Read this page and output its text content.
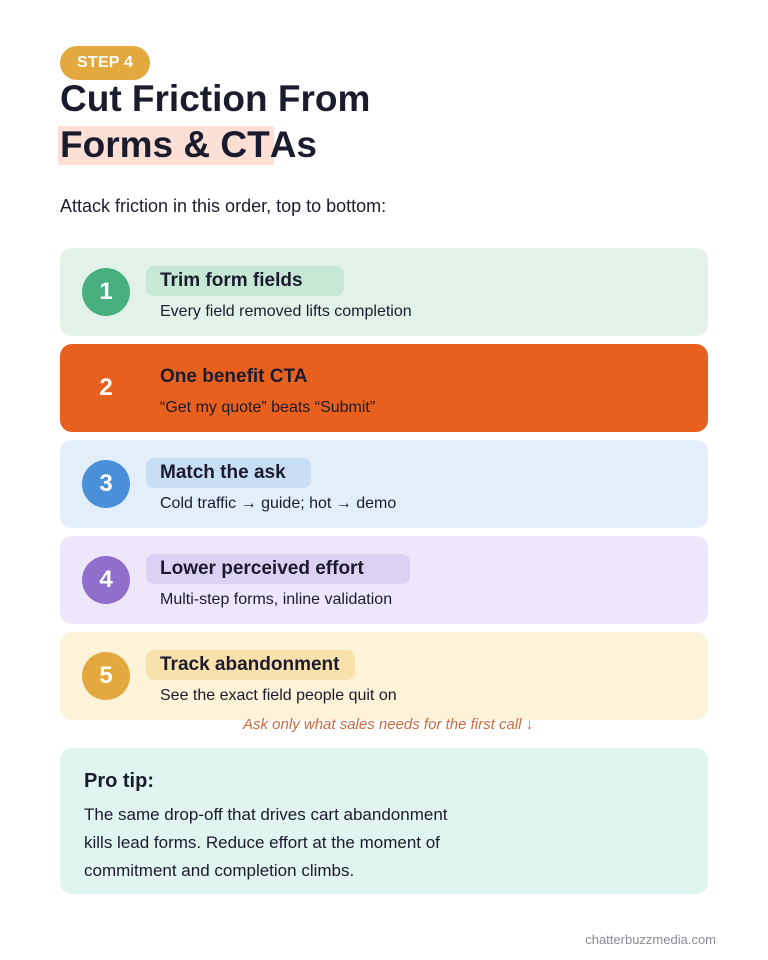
STEP 4
Cut Friction From
Forms & CTAs
Attack friction in this order, top to bottom:
1	Trim form fields
Every field removed lifts completion
2	One benefit CTA
“Get my quote” beats “Submit”
3	Match the ask
Cold traffic → guide; hot → demo
4	Lower perceived effort
Multi-step forms, inline validation
5	Track abandonment
See the exact field people quit on
Ask only what sales needs for the first call ↓
Pro tip:
The same drop-off that drives cart abandonment kills lead forms. Reduce effort at the moment of commitment and completion climbs.
chatterbuzzmedia.com
